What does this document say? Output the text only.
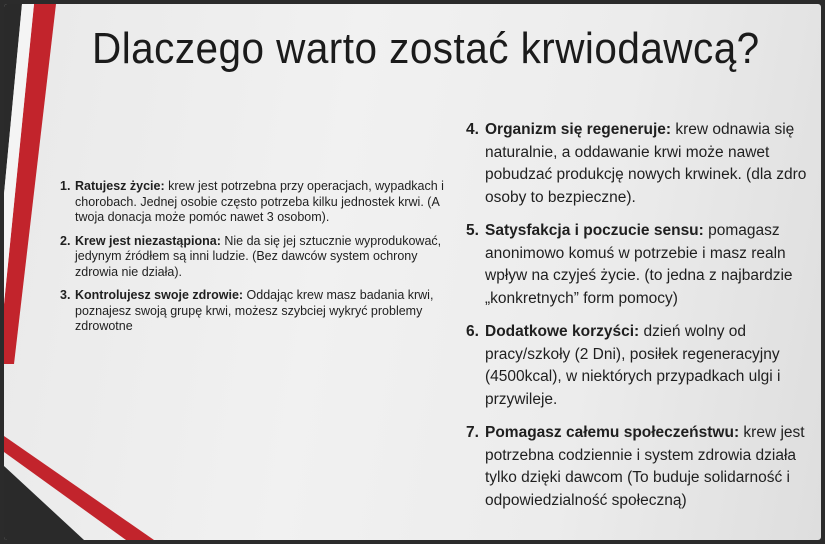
Dlaczego warto zostać krwiodawcą?
1. Ratujesz życie: krew jest potrzebna przy operacjach, wypadkach i chorobach. Jednej osobie często potrzeba kilku jednostek krwi. (A twoja donacja może pomóc nawet 3 osobom).
2. Krew jest niezastąpiona: Nie da się jej sztucznie wyprodukować, jedynym źródłem są inni ludzie. (Bez dawców system ochrony zdrowia nie działa).
3. Kontrolujesz swoje zdrowie: Oddając krew masz badania krwi, poznajesz swoją grupę krwi, możesz szybciej wykryć problemy zdrowotne
4. Organizm się regeneruje: krew odnawia się naturalnie, a oddawanie krwi może nawet pobudzać produkcję nowych krwinek. (dla zdro osoby to bezpieczne).
5. Satysfakcja i poczucie sensu: pomagasz anonimowo komuś w potrzebie i masz realn wpływ na czyjeś życie. (to jedna z najbardzie „konkretnych” form pomocy)
6. Dodatkowe korzyści: dzień wolny od pracy/szkoły (2 Dni), posiłek regeneracyjny (4500kcal), w niektórych przypadkach ulgi i przywileje.
7. Pomagasz całemu społeczeństwu: krew jest potrzebna codziennie i system zdrowia działa tylko dzięki dawcom (To buduje solidarność i odpowiedzialność społeczną)
